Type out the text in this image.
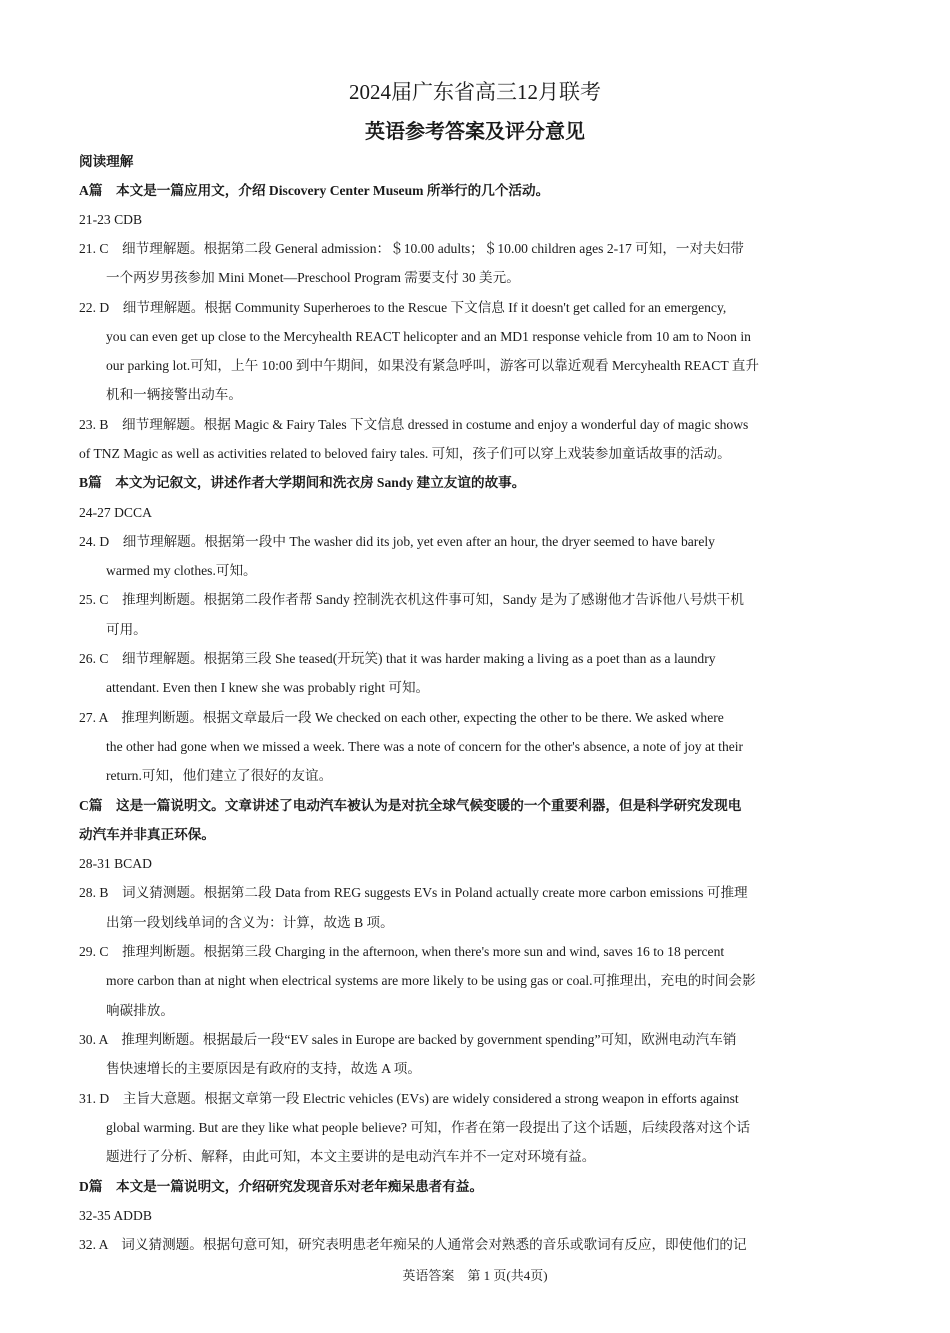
2024届广东省高三12月联考
英语参考答案及评分意见
阅读理解
A篇　本文是一篇应用文，介绍 Discovery Center Museum 所举行的几个活动。
21-23 CDB
21. C　细节理解题。根据第二段 General admission：＄10.00 adults；＄10.00 children ages 2-17 可知，一对夫妇带
一个两岁男孩参加 Mini Monet—Preschool Program 需要支付 30 美元。
22. D　细节理解题。根据 Community Superheroes to the Rescue 下文信息 If it doesn't get called for an emergency,
you can even get up close to the Mercyhealth REACT helicopter and an MD1 response vehicle from 10 am to Noon in
our parking lot.可知，上午 10:00 到中午期间，如果没有紧急呼叫，游客可以靠近观看 Mercyhealth REACT 直升
机和一辆接警出动车。
23. B　细节理解题。根据 Magic & Fairy Tales 下文信息 dressed in costume and enjoy a wonderful day of magic shows
of TNZ Magic as well as activities related to beloved fairy tales. 可知，孩子们可以穿上戏装参加童话故事的活动。
B篇　本文为记叙文，讲述作者大学期间和洗衣房 Sandy 建立友谊的故事。
24-27 DCCA
24. D　细节理解题。根据第一段中 The washer did its job, yet even after an hour, the dryer seemed to have barely
warmed my clothes.可知。
25. C　推理判断题。根据第二段作者帮 Sandy 控制洗衣机这件事可知，Sandy 是为了感谢他才告诉他八号烘干机
可用。
26. C　细节理解题。根据第三段 She teased(开玩笑) that it was harder making a living as a poet than as a laundry
attendant. Even then I knew she was probably right 可知。
27. A　推理判断题。根据文章最后一段 We checked on each other, expecting the other to be there. We asked where
the other had gone when we missed a week. There was a note of concern for the other's absence, a note of joy at their
return.可知，他们建立了很好的友谊。
C篇　这是一篇说明文。文章讲述了电动汽车被认为是对抗全球气候变暖的一个重要利器，但是科学研究发现电
动汽车并非真正环保。
28-31 BCAD
28. B　词义猜测题。根据第二段 Data from REG suggests EVs in Poland actually create more carbon emissions 可推理
出第一段划线单词的含义为：计算，故选 B 项。
29. C　推理判断题。根据第三段 Charging in the afternoon, when there's more sun and wind, saves 16 to 18 percent
more carbon than at night when electrical systems are more likely to be using gas or coal.可推理出，充电的时间会影
响碳排放。
30. A　推理判断题。根据最后一段“EV sales in Europe are backed by government spending”可知，欧洲电动汽车销
售快速增长的主要原因是有政府的支持，故选 A 项。
31. D　主旨大意题。根据文章第一段 Electric vehicles (EVs) are widely considered a strong weapon in efforts against
global warming. But are they like what people believe? 可知，作者在第一段提出了这个话题，后续段落对这个话
题进行了分析、解释，由此可知，本文主要讲的是电动汽车并不一定对环境有益。
D篇　本文是一篇说明文，介绍研究发现音乐对老年痴呆患者有益。
32-35 ADDB
32. A　词义猜测题。根据句意可知，研究表明患老年痴呆的人通常会对熟悉的音乐或歌词有反应，即使他们的记
英语答案　第 1 页(共4页)
